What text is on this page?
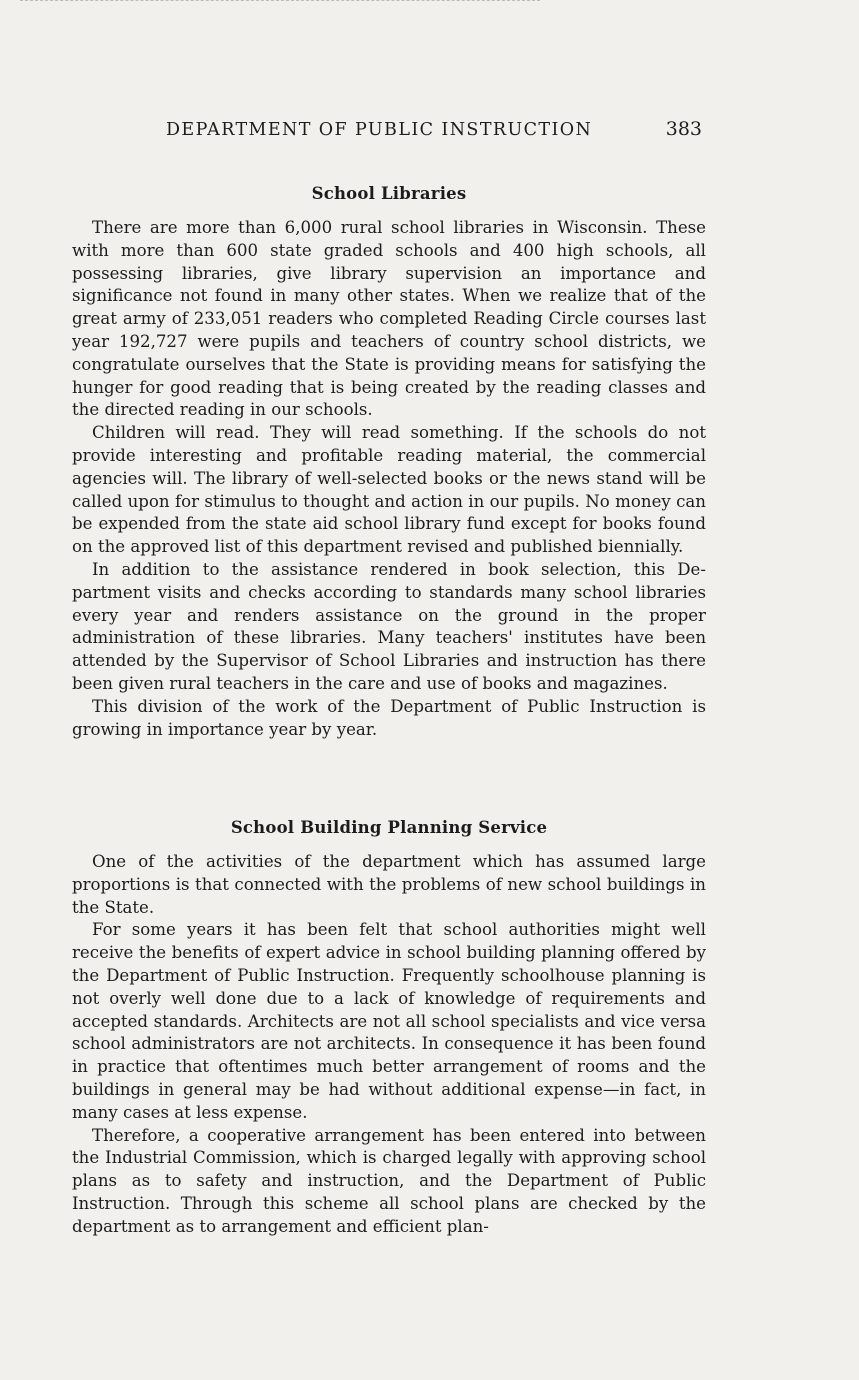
DEPARTMENT OF PUBLIC INSTRUCTION	383
School Libraries

There are more than 6,000 rural school libraries in Wisconsin. These with more than 600 state graded schools and 400 high schools, all possessing libraries, give library supervision an importance and significance not found in many other states. When we realize that of the great army of 233,051 readers who completed Reading Circle courses last year 192,727 were pupils and teachers of country school districts, we congratulate ourselves that the State is providing means for satisfying the hunger for good reading that is being created by the reading classes and the directed reading in our schools.

Children will read. They will read something. If the schools do not provide interesting and profitable reading material, the commercial agencies will. The library of well-selected books or the news stand will be called upon for stimulus to thought and action in our pupils. No money can be expended from the state aid school library fund except for books found on the approved list of this department revised and published biennially.

In addition to the assistance rendered in book selection, this Department visits and checks according to standards many school libraries every year and renders assistance on the ground in the proper administration of these libraries. Many teachers' institutes have been attended by the Supervisor of School Libraries and instruction has there been given rural teachers in the care and use of books and magazines.

This division of the work of the Department of Public Instruction is growing in importance year by year.

School Building Planning Service

One of the activities of the department which has assumed large proportions is that connected with the problems of new school buildings in the State.

For some years it has been felt that school authorities might well receive the benefits of expert advice in school building planning offered by the Department of Public Instruction. Frequently schoolhouse planning is not overly well done due to a lack of knowledge of requirements and accepted standards. Architects are not all school specialists and vice versa school administrators are not architects. In consequence it has been found in practice that oftentimes much better arrangement of rooms and the buildings in general may be had without additional expense—in fact, in many cases at less expense.

Therefore, a cooperative arrangement has been entered into between the Industrial Commission, which is charged legally with approving school plans as to safety and instruction, and the Department of Public Instruction. Through this scheme all school plans are checked by the department as to arrangement and efficient plan-
